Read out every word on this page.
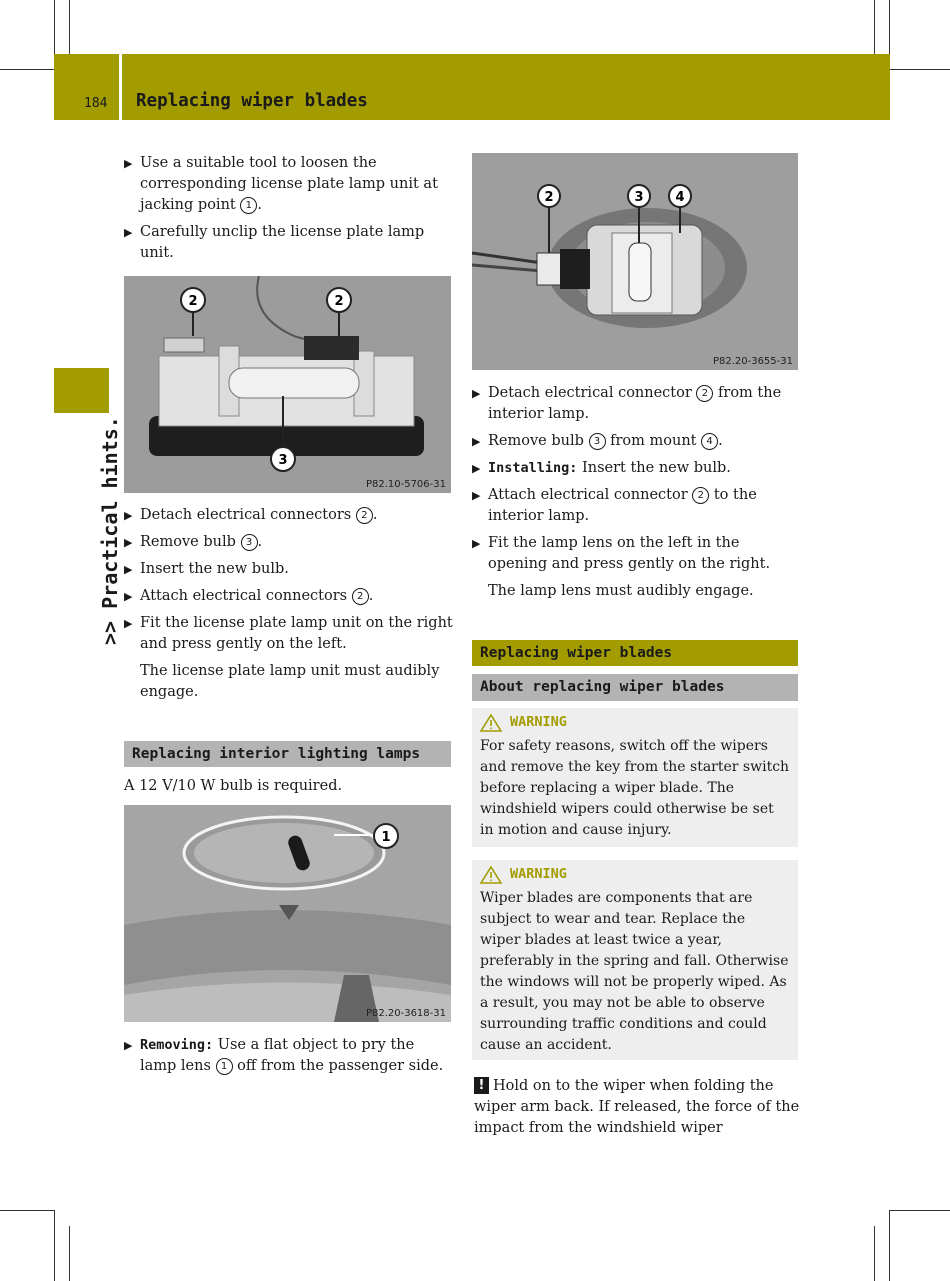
184 Replacing wiper blades
>> Practical hints.
▶ Use a suitable tool to loosen the corresponding license plate lamp unit at jacking point 1 .
▶ Carefully unclip the license plate lamp unit.
2	2
3
P82.10-5706-31
▶ Detach electrical connectors 2 .
▶ Remove bulb 3 .
▶ Insert the new bulb.
▶ Attach electrical connectors 2 .
▶ Fit the license plate lamp unit on the right and press gently on the left.
The license plate lamp unit must audibly engage.
Replacing interior lighting lamps
A 12 V/10 W bulb is required.
1
P82.20-3618-31
▶ Removing: Use a flat object to pry the lamp lens 1 off from the passenger side.
2	3 4
P82.20-3655-31
▶ Detach electrical connector 2 from the interior lamp.
▶ Remove bulb 3 from mount 4 .
▶ Installing: Insert the new bulb.
▶ Attach electrical connector 2 to the interior lamp.
▶ Fit the lamp lens on the left in the opening and press gently on the right.
The lamp lens must audibly engage.
Replacing wiper blades
About replacing wiper blades
WARNING
For safety reasons, switch off the wipers and remove the key from the starter switch before replacing a wiper blade. The windshield wipers could otherwise be set in motion and cause injury.
WARNING
Wiper blades are components that are subject to wear and tear. Replace the wiper blades at least twice a year, preferably in the spring and fall. Otherwise the windows will not be properly wiped. As a result, you may not be able to observe surrounding traffic conditions and could cause an accident.
! Hold on to the wiper when folding the wiper arm back. If released, the force of the impact from the windshield wiper
